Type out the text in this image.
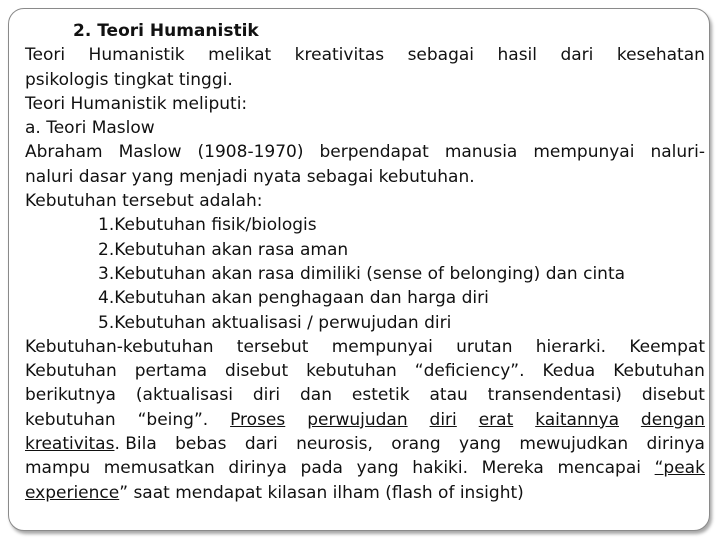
2. Teori Humanistik
Teori Humanistik melikat kreativitas sebagai hasil dari kesehatan
psikologis tingkat tinggi.
Teori Humanistik meliputi:
a. Teori Maslow
Abraham Maslow (1908-1970) berpendapat manusia mempunyai naluri-
naluri dasar yang menjadi nyata sebagai kebutuhan.
Kebutuhan tersebut adalah:
1.Kebutuhan fisik/biologis
2.Kebutuhan akan rasa aman
3.Kebutuhan akan rasa dimiliki (sense of belonging) dan cinta
4.Kebutuhan akan penghagaan dan harga diri
5.Kebutuhan aktualisasi / perwujudan diri
Kebutuhan-kebutuhan tersebut mempunyai urutan hierarki. Keempat
Kebutuhan pertama disebut kebutuhan “deficiency”. Kedua Kebutuhan
berikutnya (aktualisasi diri dan estetik atau transendentasi) disebut
kebutuhan “being”. Proses perwujudan diri erat kaitannya dengan
kreativitas. Bila bebas dari neurosis, orang yang mewujudkan dirinya
mampu memusatkan dirinya pada yang hakiki. Mereka mencapai “peak
experience” saat mendapat kilasan ilham (flash of insight)
